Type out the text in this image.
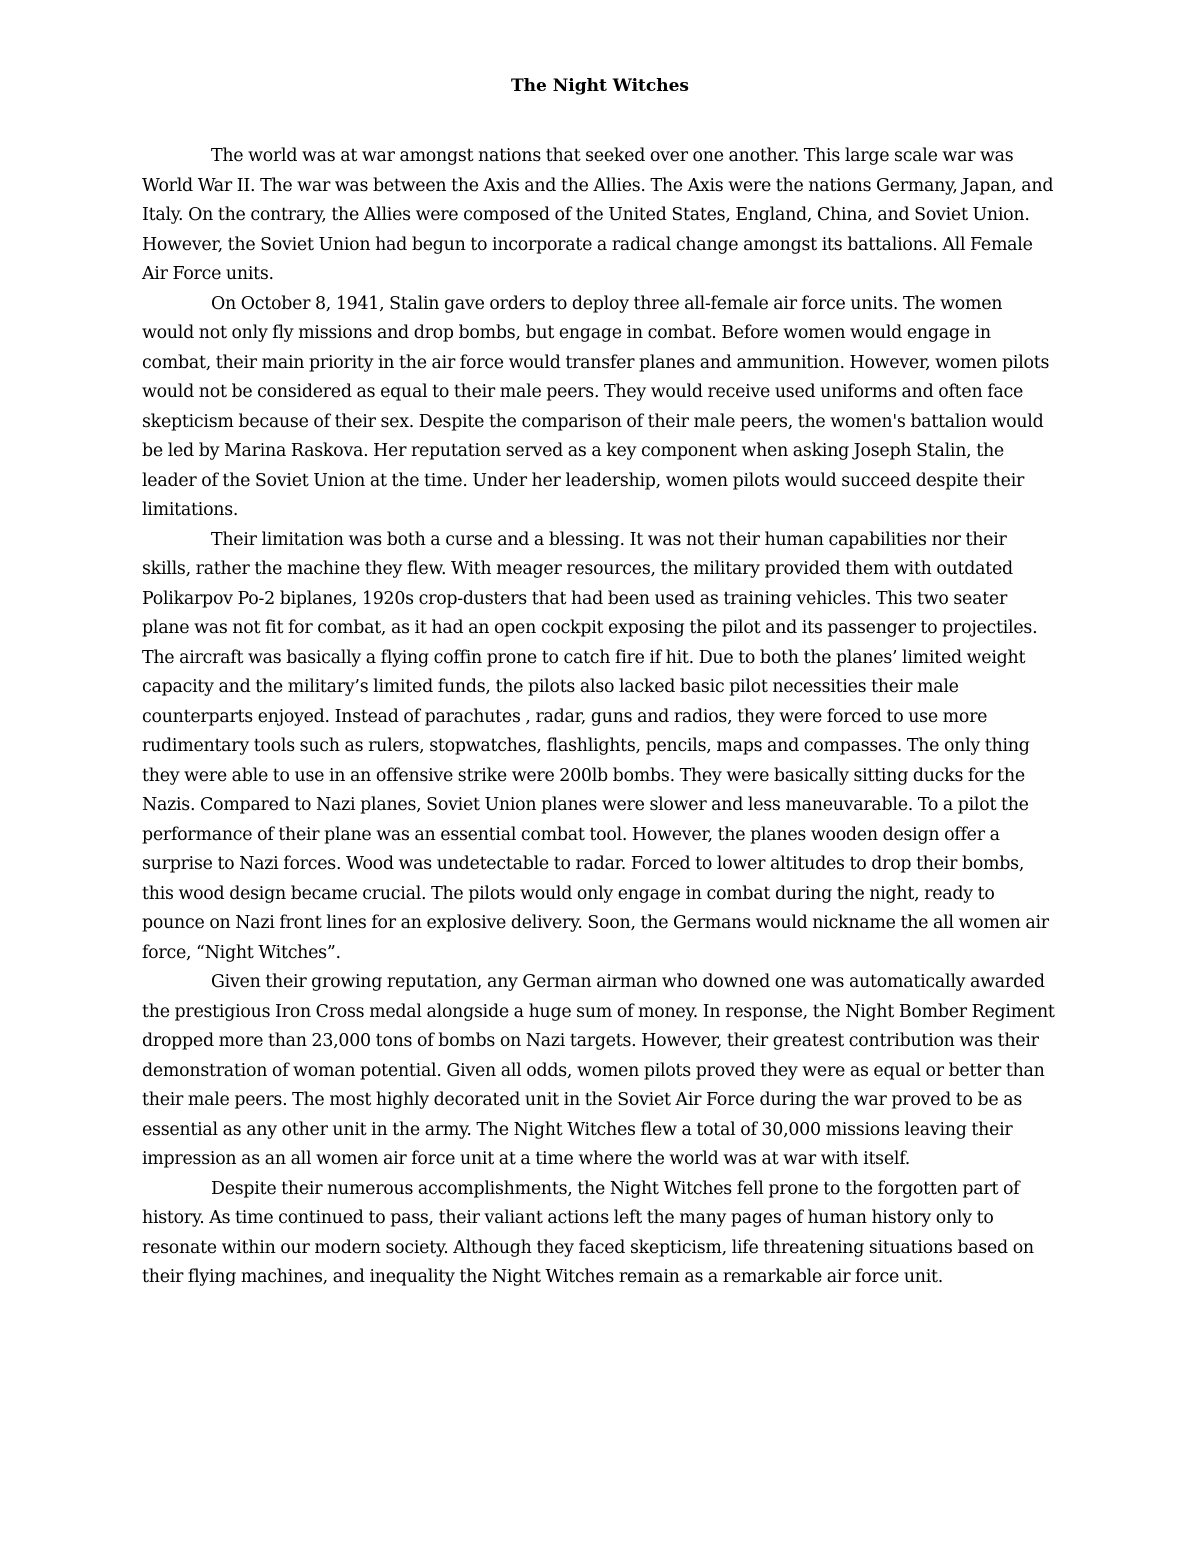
The Night Witches

The world was at war amongst nations that seeked over one another. This large scale war was World War II. The war was between the Axis and the Allies. The Axis were the nations Germany, Japan, and Italy. On the contrary, the Allies were composed of the United States, England, China, and Soviet Union. However, the Soviet Union had begun to incorporate a radical change amongst its battalions. All Female Air Force units.

On October 8, 1941, Stalin gave orders to deploy three all-female air force units. The women would not only fly missions and drop bombs, but engage in combat. Before women would engage in combat, their main priority in the air force would transfer planes and ammunition. However, women pilots would not be considered as equal to their male peers. They would receive used uniforms and often face skepticism because of their sex. Despite the comparison of their male peers, the women's battalion would be led by Marina Raskova. Her reputation served as a key component when asking Joseph Stalin, the leader of the Soviet Union at the time. Under her leadership, women pilots would succeed despite their limitations.

Their limitation was both a curse and a blessing. It was not their human capabilities nor their skills, rather the machine they flew. With meager resources, the military provided them with outdated Polikarpov Po-2 biplanes, 1920s crop-dusters that had been used as training vehicles. This two seater plane was not fit for combat, as it had an open cockpit exposing the pilot and its passenger to projectiles. The aircraft was basically a flying coffin prone to catch fire if hit. Due to both the planes’ limited weight capacity and the military’s limited funds, the pilots also lacked basic pilot necessities their male counterparts enjoyed. Instead of parachutes , radar, guns and radios, they were forced to use more rudimentary tools such as rulers, stopwatches, flashlights, pencils, maps and compasses. The only thing they were able to use in an offensive strike were 200lb bombs. They were basically sitting ducks for the Nazis. Compared to Nazi planes, Soviet Union planes were slower and less maneuvarable. To a pilot the performance of their plane was an essential combat tool. However, the planes wooden design offer a surprise to Nazi forces. Wood was undetectable to radar. Forced to lower altitudes to drop their bombs, this wood design became crucial. The pilots would only engage in combat during the night, ready to pounce on Nazi front lines for an explosive delivery. Soon, the Germans would nickname the all women air force, “Night Witches”.

Given their growing reputation, any German airman who downed one was automatically awarded the prestigious Iron Cross medal alongside a huge sum of money. In response, the Night Bomber Regiment dropped more than 23,000 tons of bombs on Nazi targets. However, their greatest contribution was their demonstration of woman potential. Given all odds, women pilots proved they were as equal or better than their male peers. The most highly decorated unit in the Soviet Air Force during the war proved to be as essential as any other unit in the army. The Night Witches flew a total of 30,000 missions leaving their impression as an all women air force unit at a time where the world was at war with itself.

Despite their numerous accomplishments, the Night Witches fell prone to the forgotten part of history. As time continued to pass, their valiant actions left the many pages of human history only to resonate within our modern society. Although they faced skepticism, life threatening situations based on their flying machines, and inequality the Night Witches remain as a remarkable air force unit.
